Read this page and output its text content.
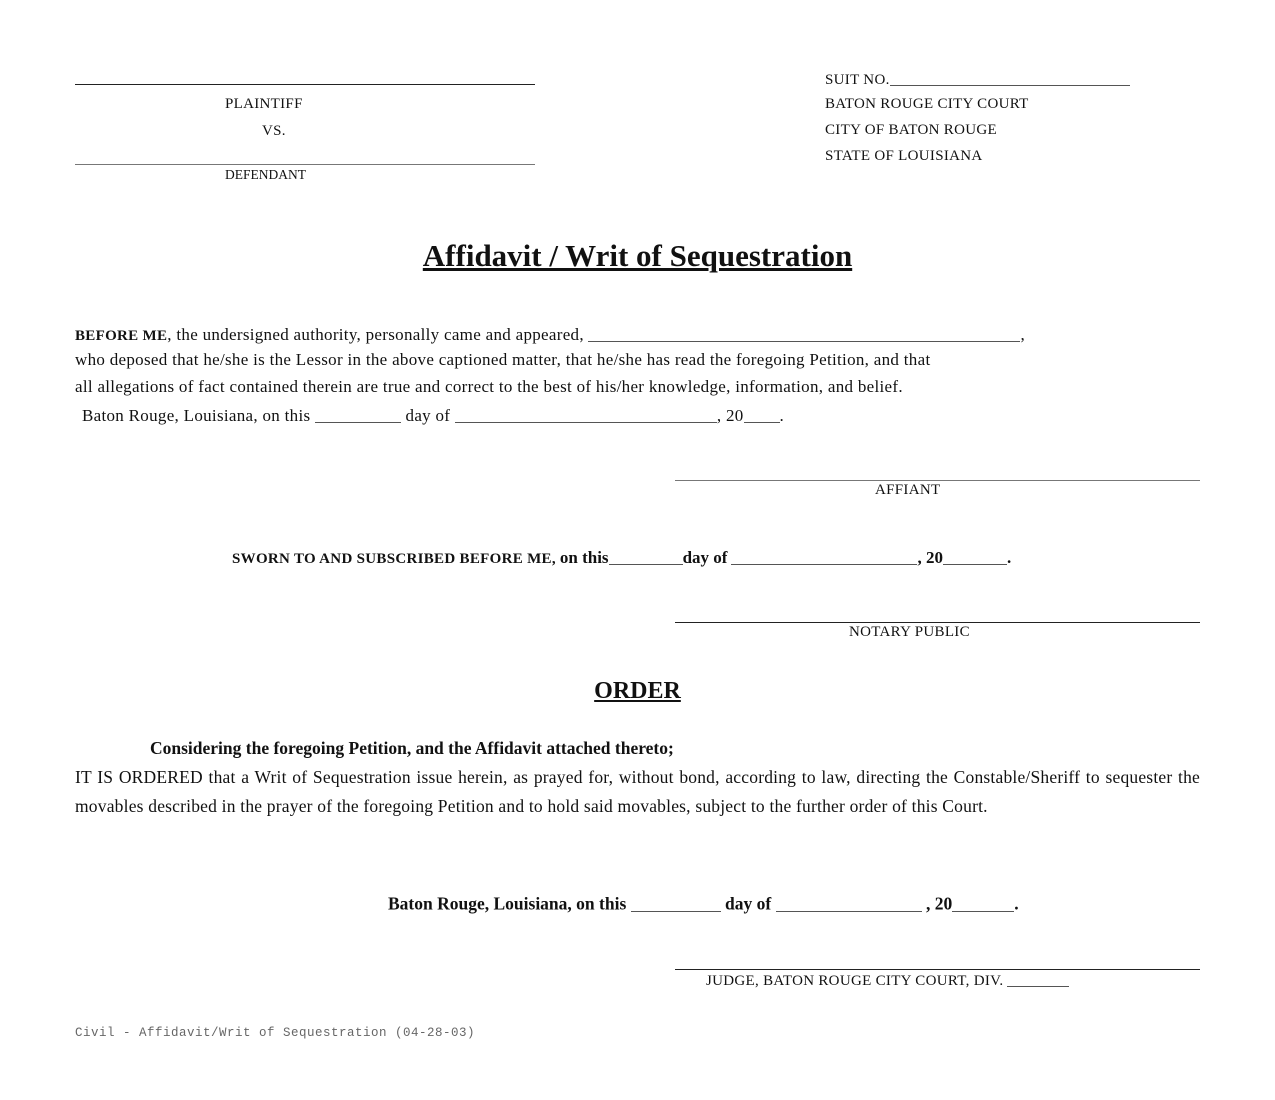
PLAINTIFF
VS.
DEFENDANT
SUIT NO.
BATON ROUGE CITY COURT
CITY OF BATON ROUGE
STATE OF LOUISIANA
Affidavit / Writ of Sequestration
BEFORE ME, the undersigned authority, personally came and appeared,	,
who deposed that he/she is the Lessor in the above captioned matter, that he/she has read the foregoing Petition, and that
all allegations of fact contained therein are true and correct to the best of his/her knowledge, information, and belief.
Baton Rouge, Louisiana, on this	day of	, 20 .
AFFIANT
SWORN TO AND SUBSCRIBED BEFORE ME, on this	day of	, 20	.
NOTARY PUBLIC
ORDER
Considering the foregoing Petition, and the Affidavit attached thereto;
IT IS ORDERED that a Writ of Sequestration issue herein, as prayed for, without bond, according to law, directing the Constable/Sheriff to sequester the movables described in the prayer of the foregoing Petition and to hold said movables, subject to the further order of this Court.
Baton Rouge, Louisiana, on this	day of	, 20	.
JUDGE, BATON ROUGE CITY COURT, DIV.
Civil - Affidavit/Writ of Sequestration (04-28-03)
